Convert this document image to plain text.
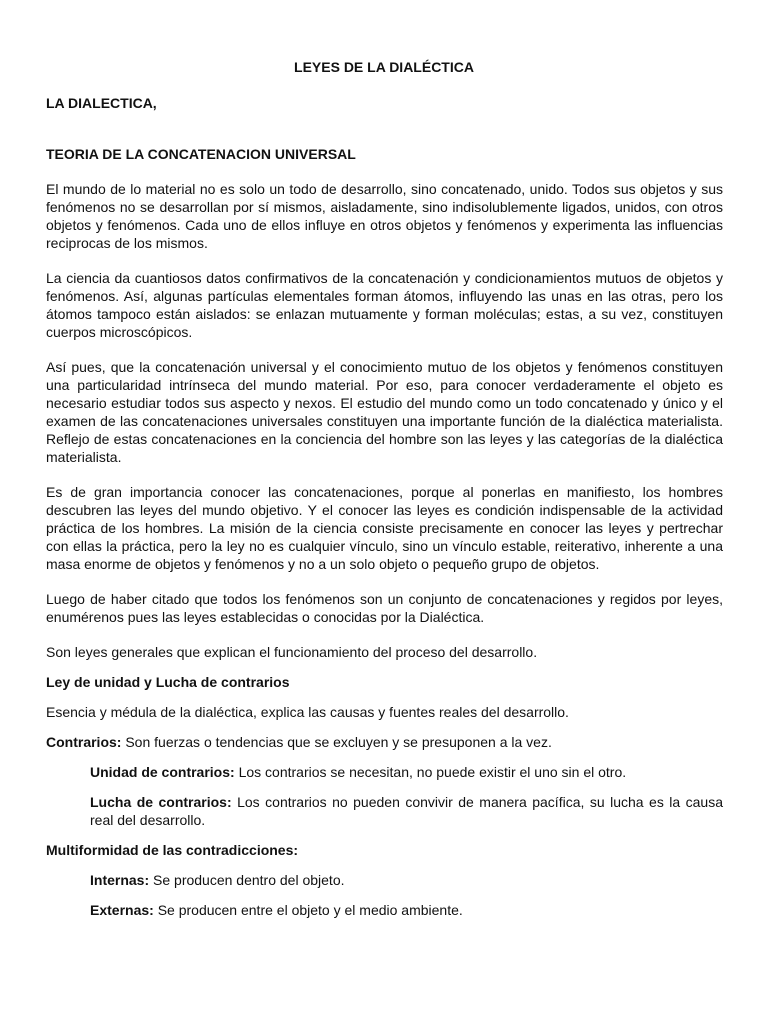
LEYES DE LA DIALÉCTICA
LA DIALECTICA,
TEORIA DE LA CONCATENACION UNIVERSAL

El mundo de lo material no es solo un todo de desarrollo, sino concatenado, unido. Todos sus objetos y sus fenómenos no se desarrollan por sí mismos, aisladamente, sino indisolublemente ligados, unidos, con otros objetos y fenómenos. Cada uno de ellos influye en otros objetos y fenómenos y experimenta las influencias reciprocas de los mismos.

La ciencia da cuantiosos datos confirmativos de la concatenación y condicionamientos mutuos de objetos y fenómenos. Así, algunas partículas elementales forman átomos, influyendo las unas en las otras, pero los átomos tampoco están aislados: se enlazan mutuamente y forman moléculas; estas, a su vez, constituyen cuerpos microscópicos.

Así pues, que la concatenación universal y el conocimiento mutuo de los objetos y fenómenos constituyen una particularidad intrínseca del mundo material. Por eso, para conocer verdaderamente el objeto es necesario estudiar todos sus aspecto y nexos. El estudio del mundo como un todo concatenado y único y el examen de las concatenaciones universales constituyen una importante función de la dialéctica materialista. Reflejo de estas concatenaciones en la conciencia del hombre son las leyes y las categorías de la dialéctica materialista.

Es de gran importancia conocer las concatenaciones, porque al ponerlas en manifiesto, los hombres descubren las leyes del mundo objetivo. Y el conocer las leyes es condición indispensable de la actividad práctica de los hombres. La misión de la ciencia consiste precisamente en conocer las leyes y pertrechar con ellas la práctica, pero la ley no es cualquier vínculo, sino un vínculo estable, reiterativo, inherente a una masa enorme de objetos y fenómenos y no a un solo objeto o pequeño grupo de objetos.

Luego de haber citado que todos los fenómenos son un conjunto de concatenaciones y regidos por leyes, enumérenos pues las leyes establecidas o conocidas por la Dialéctica.

Son leyes generales que explican el funcionamiento del proceso del desarrollo.

Ley de unidad y Lucha de contrarios

Esencia y médula de la dialéctica, explica las causas y fuentes reales del desarrollo.

Contrarios: Son fuerzas o tendencias que se excluyen y se presuponen a la vez.

Unidad de contrarios: Los contrarios se necesitan, no puede existir el uno sin el otro.

Lucha de contrarios: Los contrarios no pueden convivir de manera pacífica, su lucha es la causa real del desarrollo.

Multiformidad de las contradicciones:

Internas: Se producen dentro del objeto.

Externas: Se producen entre el objeto y el medio ambiente.
